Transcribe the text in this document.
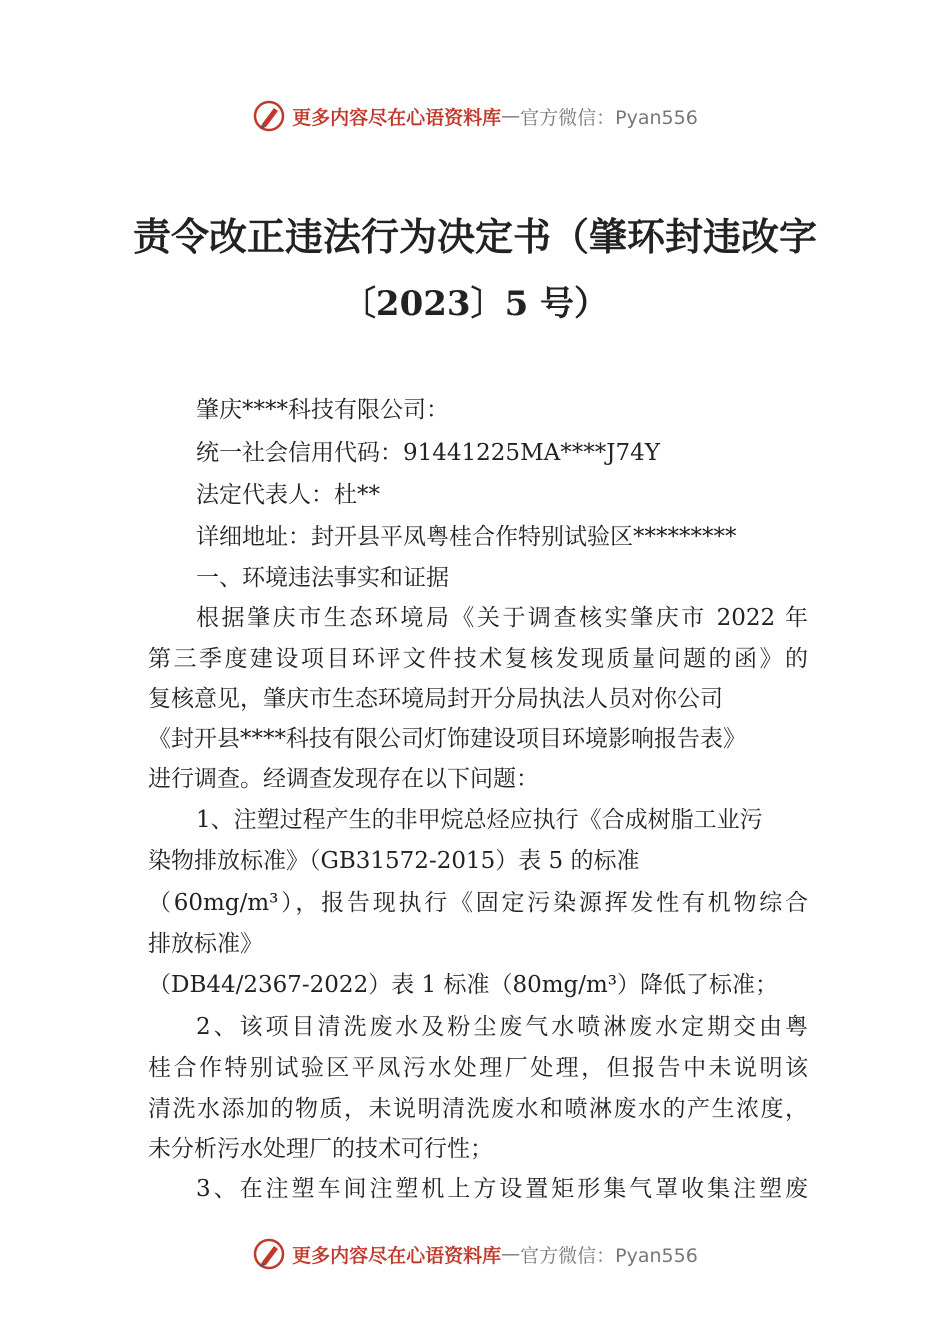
更多内容尽在心语资料库 — 官方微信：Pyan556
责令改正违法行为决定书（肇环封违改字
〔2023〕5 号）
肇庆****科技有限公司：
统一社会信用代码：91441225MA****J74Y
法定代表人：杜**
详细地址：封开县平凤粤桂合作特别试验区*********
一、环境违法事实和证据
根据肇庆市生态环境局《关于调查核实肇庆市 2022 年
第三季度建设项目环评文件技术复核发现质量问题的函》的
复核意见，肇庆市生态环境局封开分局执法人员对你公司
《封开县****科技有限公司灯饰建设项目环境影响报告表》
进行调查。经调查发现存在以下问题：
1、注塑过程产生的非甲烷总烃应执行《合成树脂工业污
染物排放标准》（GB31572-2015）表 5 的标准
（60mg/m³），报告现执行《固定污染源挥发性有机物综合
排放标准》
（DB44/2367-2022）表 1 标准（80mg/m³）降低了标准；
2、该项目清洗废水及粉尘废气水喷淋废水定期交由粤
桂合作特别试验区平凤污水处理厂处理，但报告中未说明该
清洗水添加的物质，未说明清洗废水和喷淋废水的产生浓度，
未分析污水处理厂的技术可行性；
3、在注塑车间注塑机上方设置矩形集气罩收集注塑废
更多内容尽在心语资料库 — 官方微信：Pyan556
